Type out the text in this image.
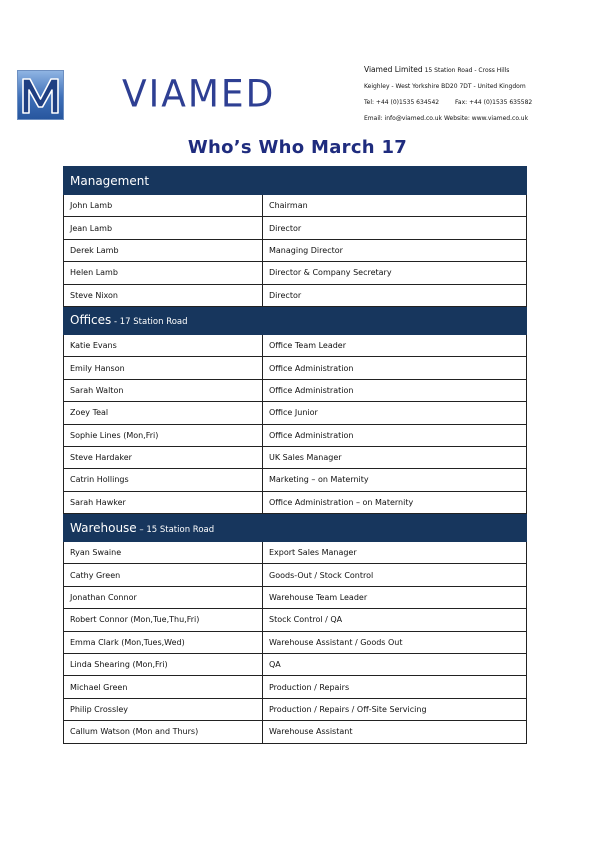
VIAMED
Viamed Limited 15 Station Road - Cross Hills
Keighley - West Yorkshire BD20 7DT - United Kingdom
Tel: +44 (0)1535 634542	Fax: +44 (0)1535 635582
Email: info@viamed.co.uk Website: www.viamed.co.uk
Who’s Who March 17
Management	
John Lamb	Chairman
Jean Lamb	Director
Derek Lamb	Managing Director
Helen Lamb	Director & Company Secretary
Steve Nixon	Director
Offices - 17 Station Road	
Katie Evans	Office Team Leader
Emily Hanson	Office Administration
Sarah Walton	Office Administration
Zoey Teal	Office Junior
Sophie Lines (Mon,Fri)	Office Administration
Steve Hardaker	UK Sales Manager
Catrin Hollings	Marketing – on Maternity
Sarah Hawker	Office Administration – on Maternity
Warehouse – 15 Station Road	
Ryan Swaine	Export Sales Manager
Cathy Green	Goods-Out / Stock Control
Jonathan Connor	Warehouse Team Leader
Robert Connor (Mon,Tue,Thu,Fri)	Stock Control / QA
Emma Clark (Mon,Tues,Wed)	Warehouse Assistant / Goods Out
Linda Shearing (Mon,Fri)	QA
Michael Green	Production / Repairs
Philip Crossley	Production / Repairs / Off-Site Servicing
Callum Watson (Mon and Thurs)	Warehouse Assistant
